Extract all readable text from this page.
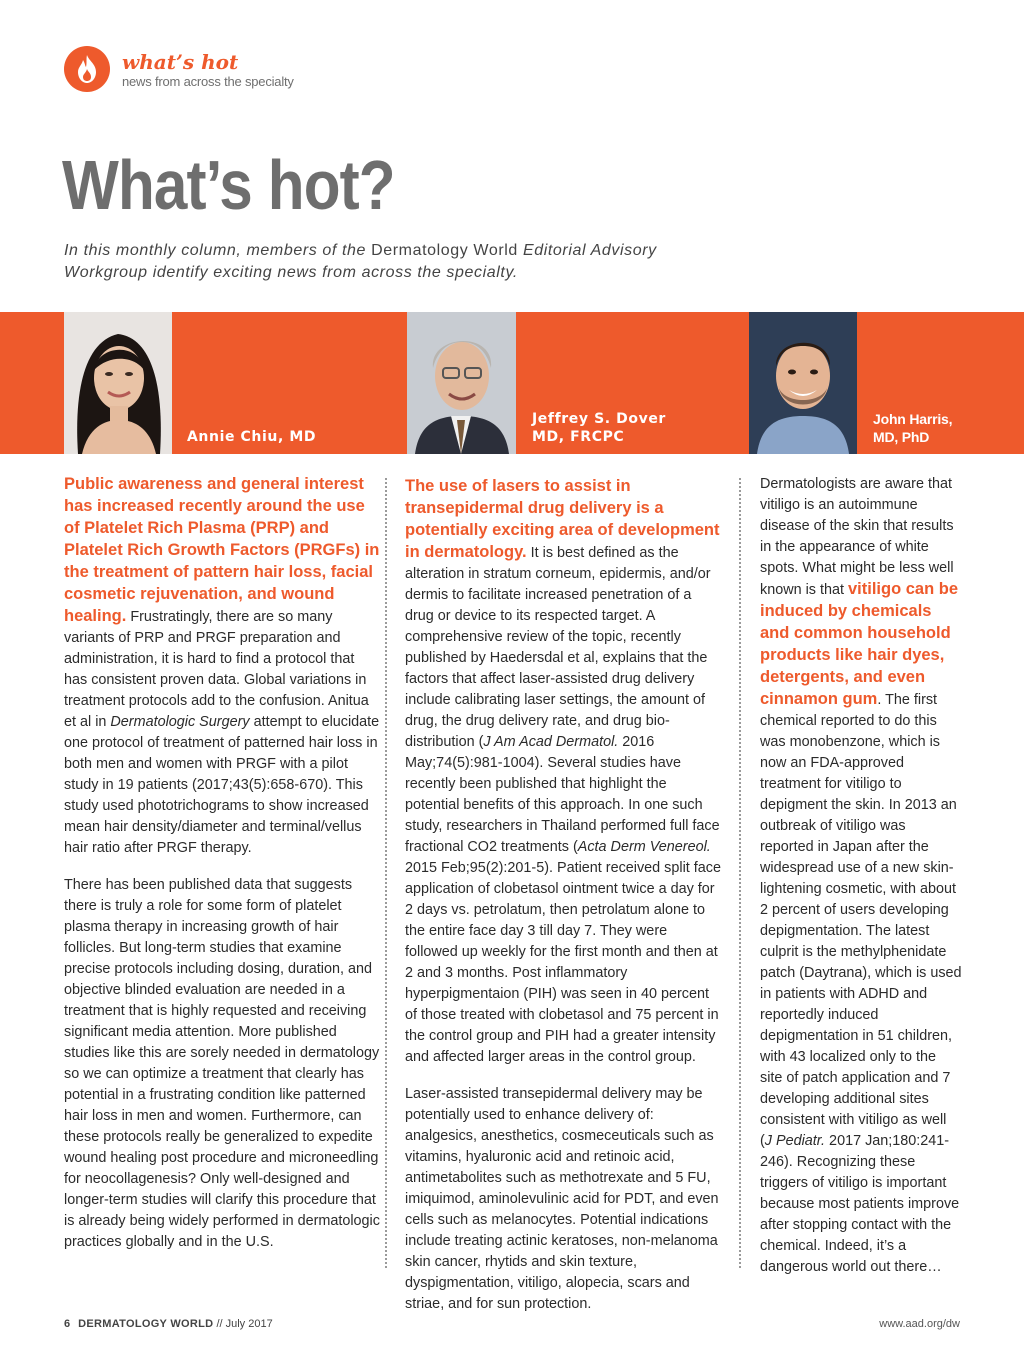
what’s hot
news from across the specialty
What’s hot?
In this monthly column, members of the Dermatology World Editorial Advisory Workgroup identify exciting news from across the specialty.
Annie Chiu, MD
Jeffrey S. Dover
MD, FRCPC
John Harris,
MD, PhD

Public awareness and general interest has increased recently around the use of Platelet Rich Plasma (PRP) and Platelet Rich Growth Factors (PRGFs) in the treatment of pattern hair loss, facial cosmetic rejuvenation, and wound healing. Frustratingly, there are so many variants of PRP and PRGF preparation and administration, it is hard to find a protocol that has consistent proven data. Global variations in treatment protocols add to the confusion. Anitua et al in Dermatologic Surgery attempt to elucidate one protocol of treatment of patterned hair loss in both men and women with PRGF with a pilot study in 19 patients (2017;43(5):658-670). This study used phototrichograms to show increased mean hair density/diameter and terminal/vellus hair ratio after PRGF therapy.

There has been published data that suggests there is truly a role for some form of platelet plasma therapy in increasing growth of hair follicles. But long-term studies that examine precise protocols including dosing, duration, and objective blinded evaluation are needed in a treatment that is highly requested and receiving significant media attention. More published studies like this are sorely needed in dermatology so we can optimize a treatment that clearly has potential in a frustrating condition like patterned hair loss in men and women. Furthermore, can these protocols really be generalized to expedite wound healing post procedure and microneedling for neocollagenesis? Only well-designed and longer-term studies will clarify this procedure that is already being widely performed in dermatologic practices globally and in the U.S.

The use of lasers to assist in transepidermal drug delivery is a potentially exciting area of development in dermatology. It is best defined as the alteration in stratum corneum, epidermis, and/or dermis to facilitate increased penetration of a drug or device to its respected target. A comprehensive review of the topic, recently published by Haedersdal et al, explains that the factors that affect laser-assisted drug delivery include calibrating laser settings, the amount of drug, the drug delivery rate, and drug bio-distribution (J Am Acad Dermatol. 2016 May;74(5):981-1004). Several studies have recently been published that highlight the potential benefits of this approach. In one such study, researchers in Thailand performed full face fractional CO2 treatments (Acta Derm Venereol. 2015 Feb;95(2):201-5). Patient received split face application of clobetasol ointment twice a day for 2 days vs. petrolatum, then petrolatum alone to the entire face day 3 till day 7. They were followed up weekly for the first month and then at 2 and 3 months. Post inflammatory hyperpigmentaion (PIH) was seen in 40 percent of those treated with clobetasol and 75 percent in the control group and PIH had a greater intensity and affected larger areas in the control group.

Laser-assisted transepidermal delivery may be potentially used to enhance delivery of: analgesics, anesthetics, cosmeceuticals such as vitamins, hyaluronic acid and retinoic acid, antimetabolites such as methotrexate and 5 FU, imiquimod, aminolevulinic acid for PDT, and even cells such as melanocytes. Potential indications include treating actinic keratoses, non-melanoma skin cancer, rhytids and skin texture, dyspigmentation, vitiligo, alopecia, scars and striae, and for sun protection.

Dermatologists are aware that vitiligo is an autoimmune disease of the skin that results in the appearance of white spots. What might be less well known is that vitiligo can be induced by chemicals and common household products like hair dyes, detergents, and even cinnamon gum. The first chemical reported to do this was monobenzone, which is now an FDA-approved treatment for vitiligo to depigment the skin. In 2013 an outbreak of vitiligo was reported in Japan after the widespread use of a new skin-lightening cosmetic, with about 2 percent of users developing depigmentation. The latest culprit is the methylphenidate patch (Daytrana), which is used in patients with ADHD and reportedly induced depigmentation in 51 children, with 43 localized only to the site of patch application and 7 developing additional sites consistent with vitiligo as well (J Pediatr. 2017 Jan;180:241-246). Recognizing these triggers of vitiligo is important because most patients improve after stopping contact with the chemical. Indeed, it’s a dangerous world out there…

6 DERMATOLOGY WORLD // July 2017	www.aad.org/dw
